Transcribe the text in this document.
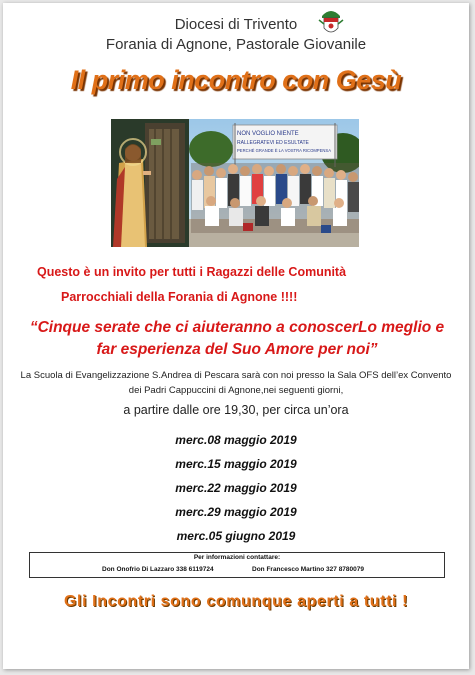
Diocesi di Trivento
Forania di Agnone, Pastorale Giovanile
Il primo incontro con Gesù
NON VOGLIO NIENTE
RALLEGRATEVI ED ESULTATE
PERCHÉ GRANDE È LA VOSTRA RICOMPENSA
Questo è un invito per tutti i Ragazzi delle Comunità
Parrocchiali della Forania di Agnone !!!!
“Cinque serate che ci aiuteranno a conoscerLo meglio e
far esperienza del Suo Amore per noi”
La Scuola di Evangelizzazione S.Andrea di Pescara sarà con noi presso la Sala OFS dell’ex Convento
dei Padri Cappuccini di Agnone,nei seguenti giorni,
a partire dalle ore 19,30, per circa un’ora
merc.08 maggio 2019
merc.15 maggio 2019
merc.22 maggio 2019
merc.29 maggio 2019
merc.05 giugno 2019
Per informazioni contattare:
Don Onofrio Di Lazzaro 338 6119724	Don Francesco Martino 327 8780079
Gli Incontri sono comunque aperti a tutti !
